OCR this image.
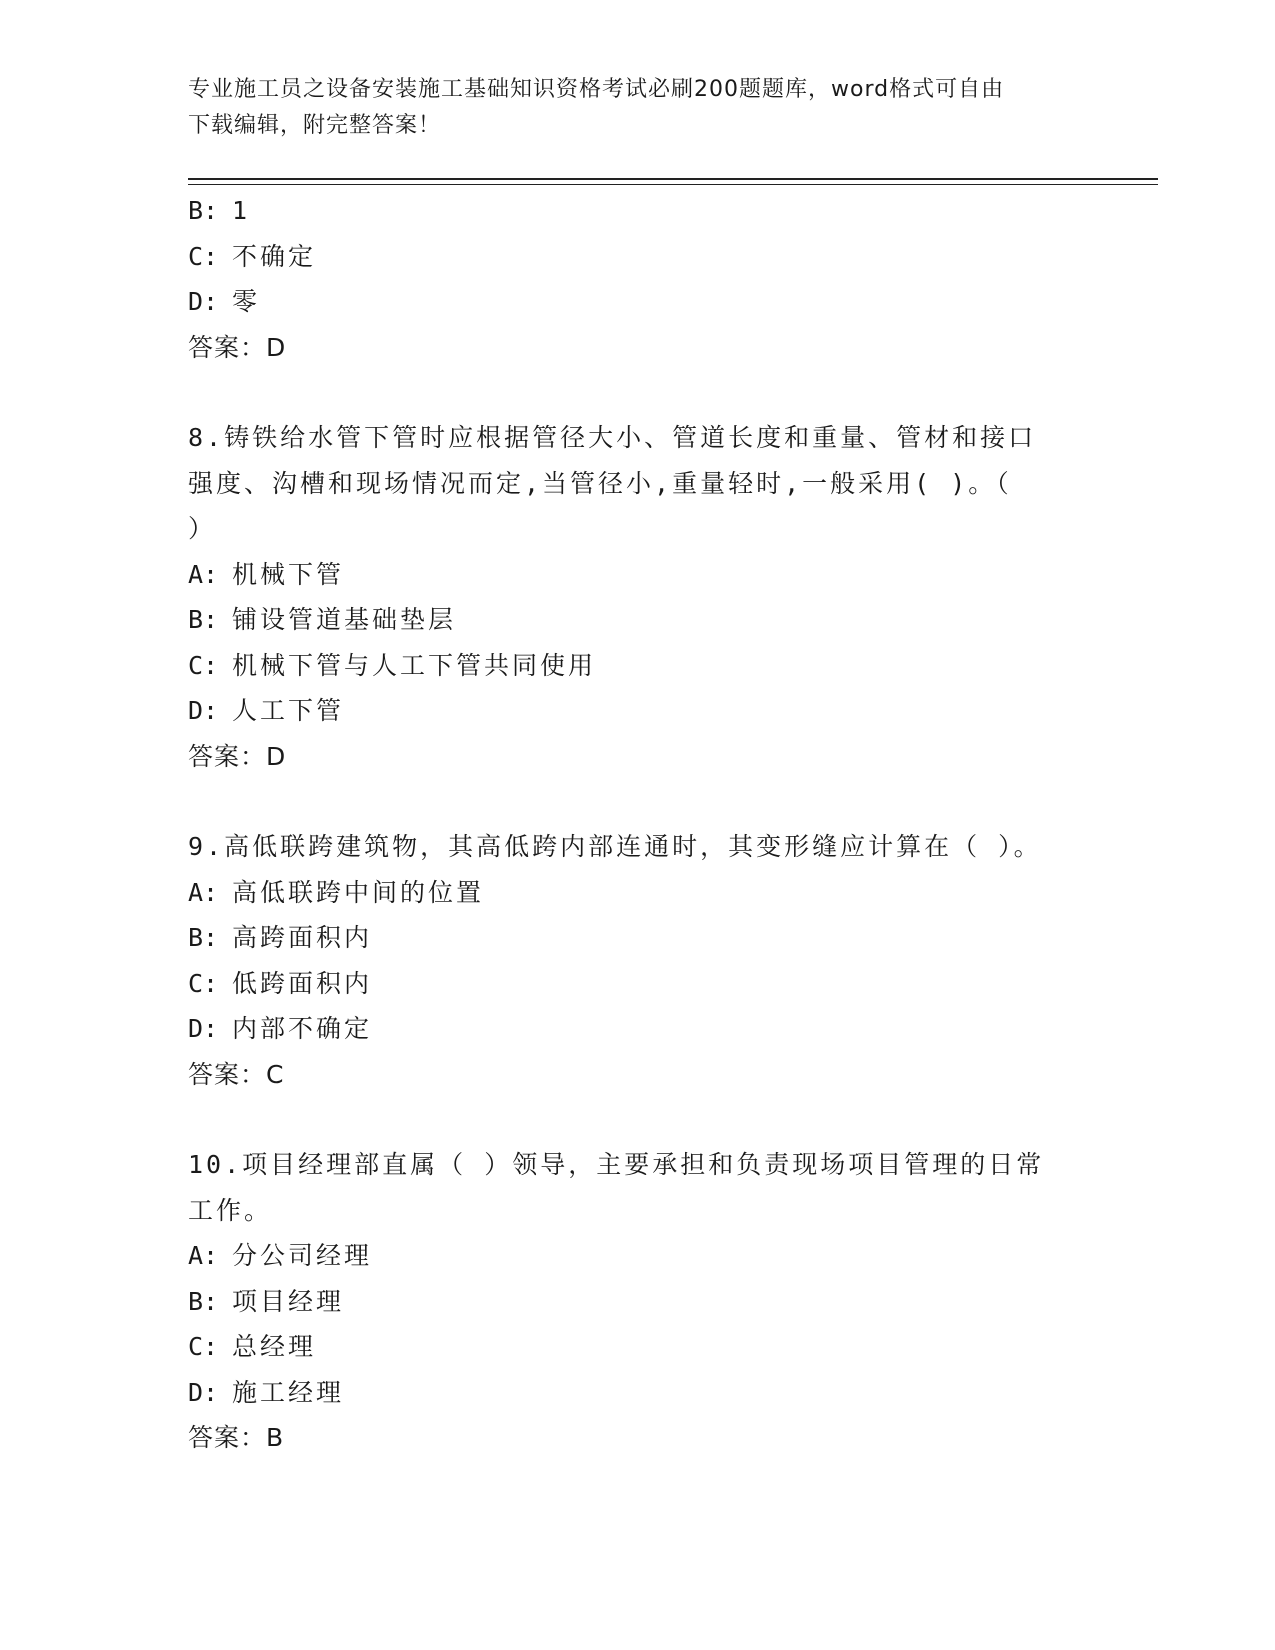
专业施工员之设备安装施工基础知识资格考试必刷200题题库，word格式可自由
下载编辑，附完整答案！
B: 1
C: 不确定
D: 零
答案：D
8.铸铁给水管下管时应根据管径大小、管道长度和重量、管材和接口
强度、沟槽和现场情况而定,当管径小,重量轻时,一般采用( )。（
）
A: 机械下管
B: 铺设管道基础垫层
C: 机械下管与人工下管共同使用
D: 人工下管
答案：D
9.高低联跨建筑物，其高低跨内部连通时，其变形缝应计算在（ ）。
A: 高低联跨中间的位置
B: 高跨面积内
C: 低跨面积内
D: 内部不确定
答案：C
10.项目经理部直属（ ）领导，主要承担和负责现场项目管理的日常
工作。
A: 分公司经理
B: 项目经理
C: 总经理
D: 施工经理
答案：B
